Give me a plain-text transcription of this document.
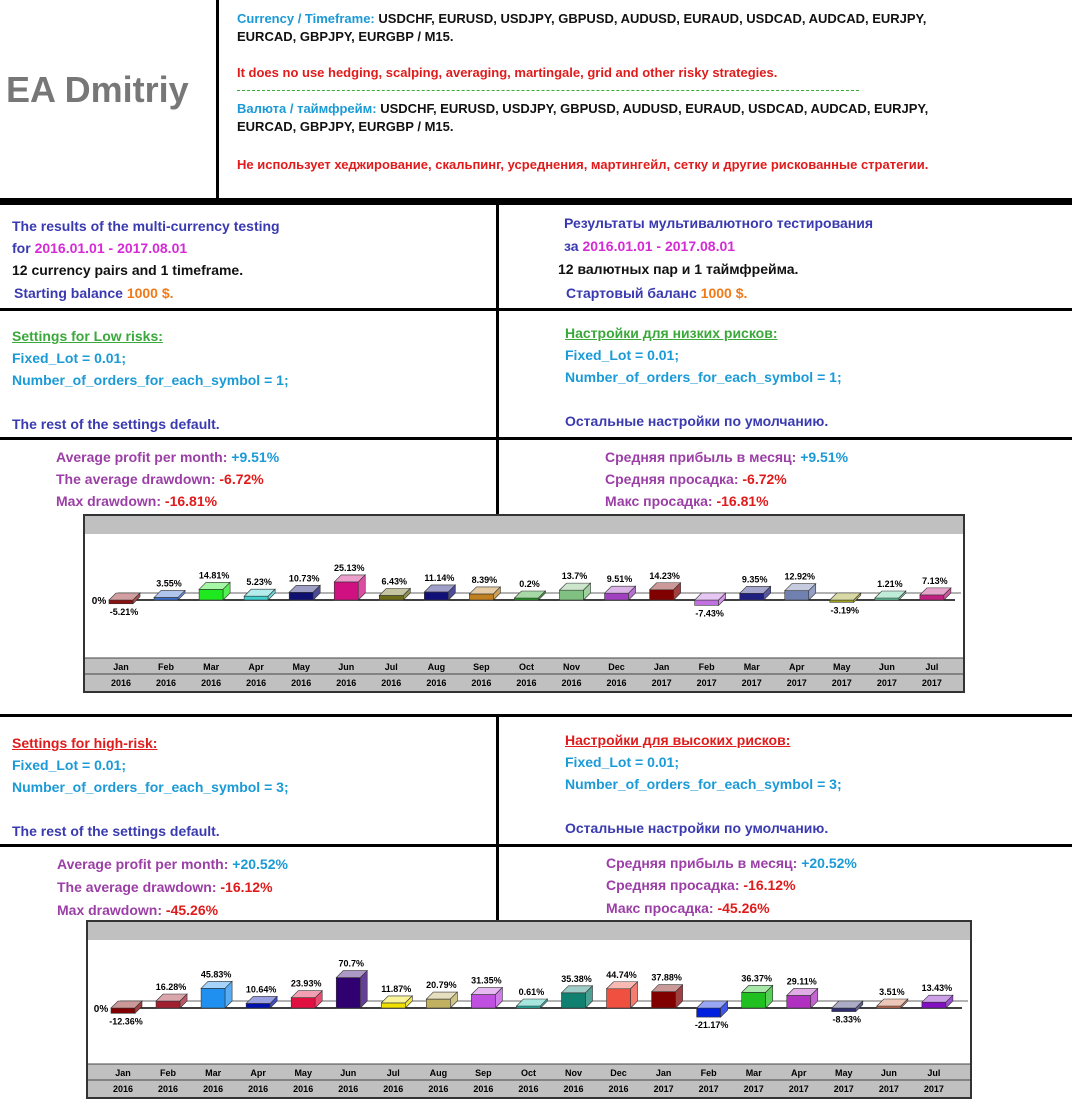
EA Dmitriy
Currency / Timeframe: USDCHF, EURUSD, USDJPY, GBPUSD, AUDUSD, EURAUD, USDCAD, AUDCAD, EURJPY,
EURCAD, GBPJPY, EURGBP / M15.
It does no use hedging, scalping, averaging, martingale, grid and other risky strategies.
Валюта / таймфрейм: USDCHF, EURUSD, USDJPY, GBPUSD, AUDUSD, EURAUD, USDCAD, AUDCAD, EURJPY,
EURCAD, GBPJPY, EURGBP / M15.
Не использует хеджирование, скальпинг, усреднения, мартингейл, сетку и другие рискованные стратегии.
The results of the multi-currency testing
for 2016.01.01 - 2017.08.01
12 currency pairs and 1 timeframe.
Starting balance 1000 $.
Результаты мультивалютного тестирования
за 2016.01.01 - 2017.08.01
12 валютных пар и 1 таймфрейма.
Стартовый баланс 1000 $.
Settings for Low risks:
Fixed_Lot = 0.01;
Number_of_orders_for_each_symbol = 1;
The rest of the settings default.
Настройки для низких рисков:
Fixed_Lot = 0.01;
Number_of_orders_for_each_symbol = 1;
Остальные настройки по умолчанию.
Average profit per month: +9.51%
The average drawdown: -6.72%
Max drawdown: -16.81%
Средняя прибыль в месяц: +9.51%
Средняя просадка: -6.72%
Макс просадка: -16.81%
0%
-5.21%
Jan
2016
3.55%
Feb
2016
14.81%
Mar
2016
5.23%
Apr
2016
10.73%
May
2016
25.13%
Jun
2016
6.43%
Jul
2016
11.14%
Aug
2016
8.39%
Sep
2016
0.2%
Oct
2016
13.7%
Nov
2016
9.51%
Dec
2016
14.23%
Jan
2017
-7.43%
Feb
2017
9.35%
Mar
2017
12.92%
Apr
2017
-3.19%
May
2017
1.21%
Jun
2017
7.13%
Jul
2017
Settings for high-risk:
Fixed_Lot = 0.01;
Number_of_orders_for_each_symbol = 3;
The rest of the settings default.
Настройки для высоких рисков:
Fixed_Lot = 0.01;
Number_of_orders_for_each_symbol = 3;
Остальные настройки по умолчанию.
Average profit per month: +20.52%
The average drawdown: -16.12%
Max drawdown: -45.26%
Средняя прибыль в месяц: +20.52%
Средняя просадка: -16.12%
Макс просадка: -45.26%
0%
-12.36%
Jan
2016
16.28%
Feb
2016
45.83%
Mar
2016
10.64%
Apr
2016
23.93%
May
2016
70.7%
Jun
2016
11.87%
Jul
2016
20.79%
Aug
2016
31.35%
Sep
2016
0.61%
Oct
2016
35.38%
Nov
2016
44.74%
Dec
2016
37.88%
Jan
2017
-21.17%
Feb
2017
36.37%
Mar
2017
29.11%
Apr
2017
-8.33%
May
2017
3.51%
Jun
2017
13.43%
Jul
2017
